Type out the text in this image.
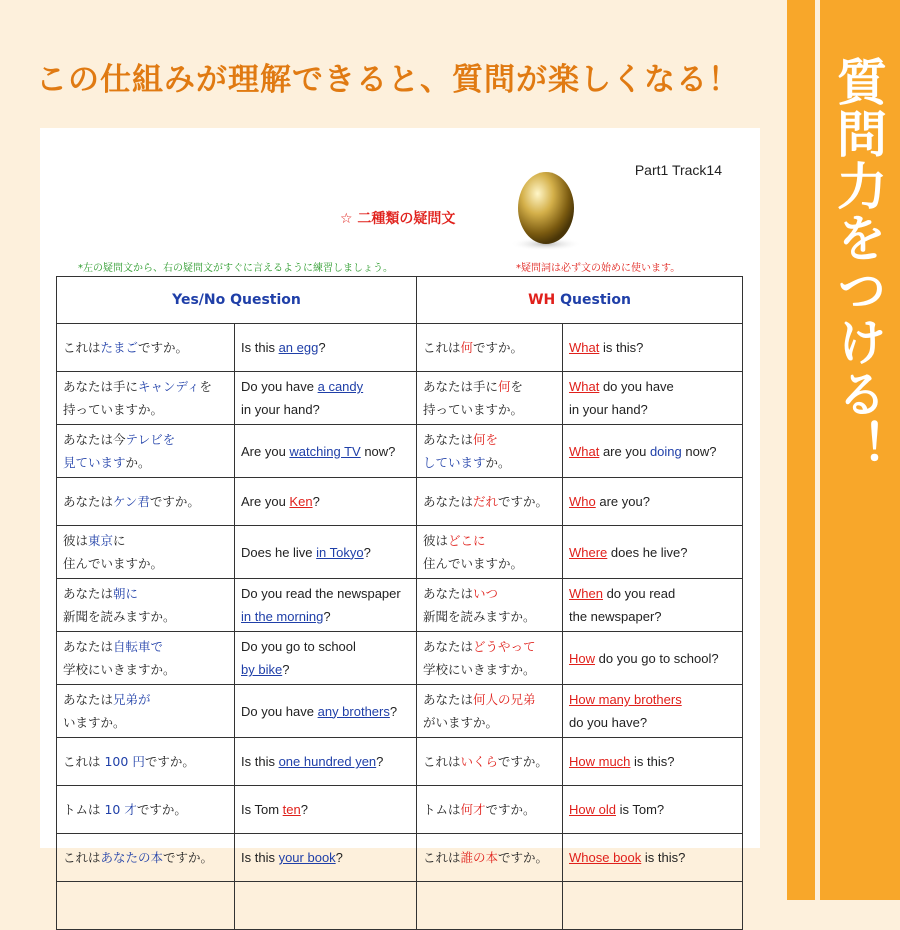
質問力をつける！
この仕組みが理解できると、質問が楽しくなる！
Part1 Track14
☆ 二種類の疑問文
*左の疑問文から、右の疑問文がすぐに言えるように練習しましょう。	*疑問詞は必ず文の始めに使います。
Yes/No Question		WH Question	
これはたまごですか。	Is this an egg?	これは何ですか。	What is this?

あなたは手にキャンディを
持っていますか。	Do you have a candy
in your hand?	あなたは手に何を
持っていますか。	What do you have
in your hand?

あなたは今テレビを
見ていますか。	Are you watching TV now?	あなたは何を
していますか。	What are you doing now?
あなたはケン君ですか。	Are you Ken?	あなたはだれですか。	Who are you?

彼は東京に
住んでいますか。	Does he live in Tokyo?	彼はどこに
住んでいますか。	Where does he live?

あなたは朝に
新聞を読みますか。	Do you read the newspaper
in the morning?	あなたはいつ
新聞を読みますか。	When do you read
the newspaper?

あなたは自転車で
学校にいきますか。	Do you go to school
by bike?	あなたはどうやって
学校にいきますか。	How do you go to school?

あなたは兄弟が
いますか。	Do you have any brothers?	あなたは何人の兄弟
がいますか。	How many brothers
do you have?

これは 100 円ですか。	Is this one hundred yen?	これはいくらですか。	How much is this?
トムは 10 才ですか。	Is Tom ten?	トムは何才ですか。	How old is Tom?
これはあなたの本ですか。	Is this your book?	これは誰の本ですか。	Whose book is this?
